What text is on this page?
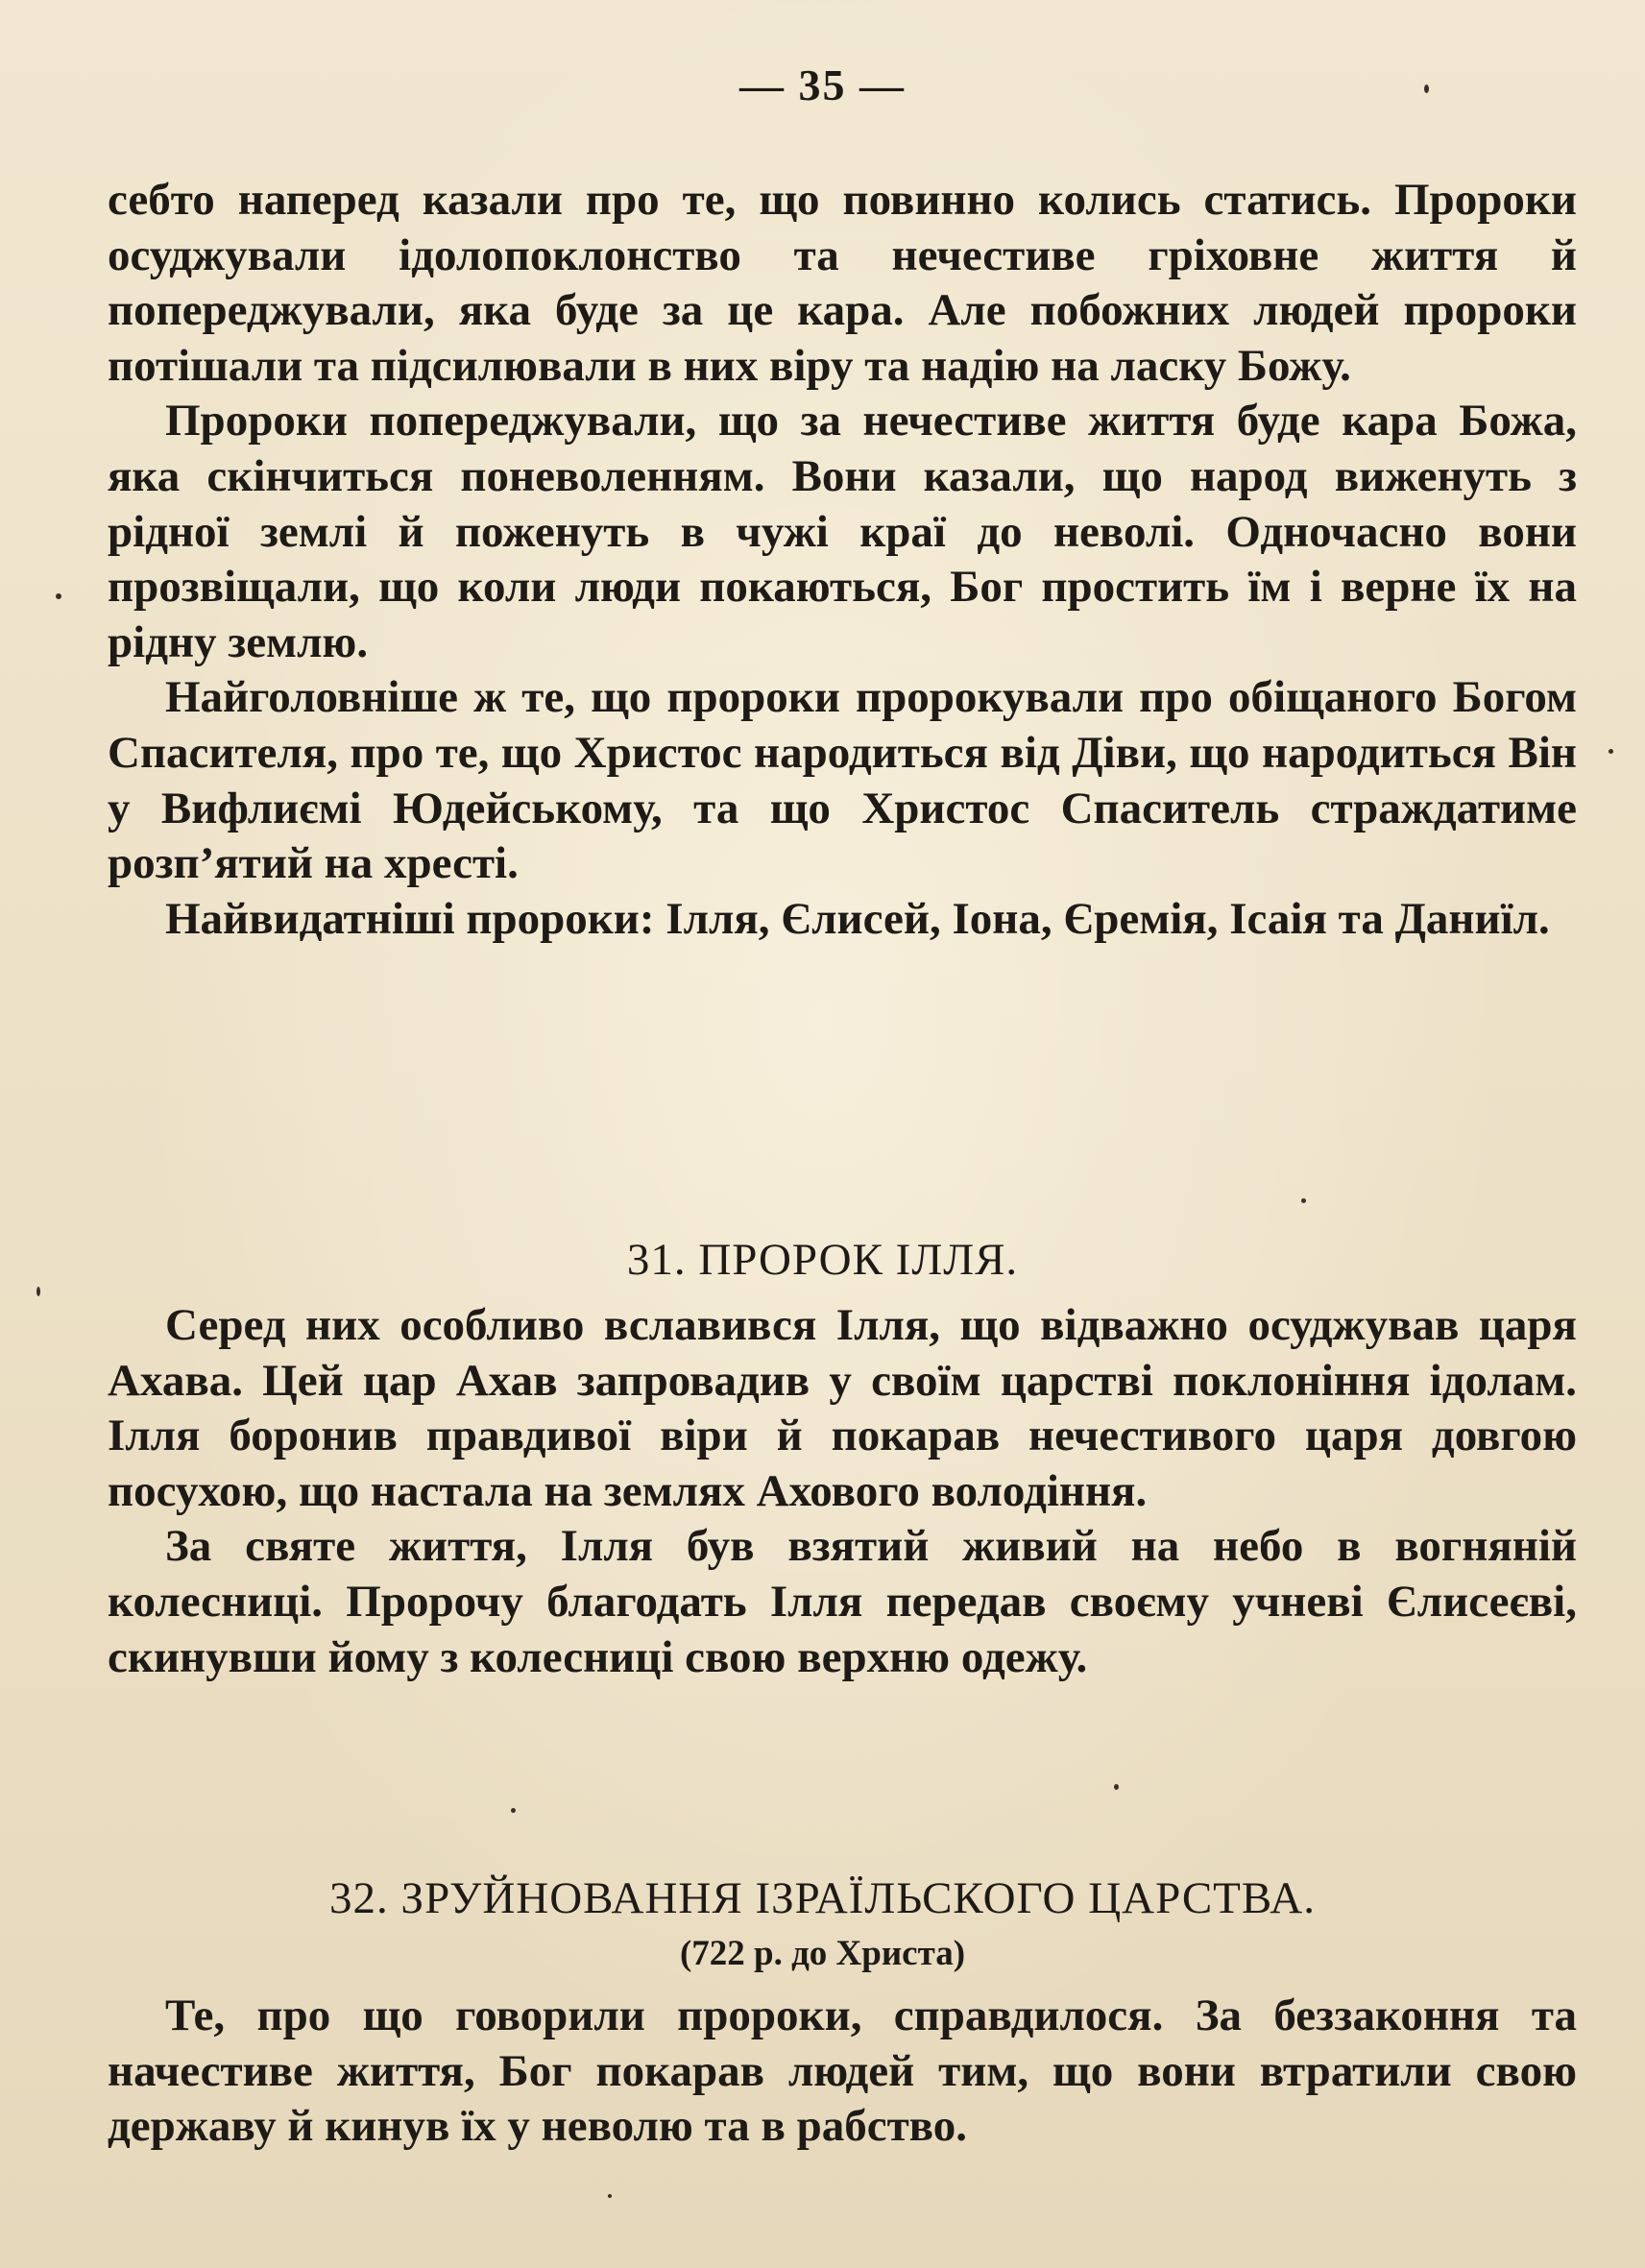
— 35 —

себто наперед казали про те, що повинно колись статись. Пророки осуджували ідолопоклонство та нечестиве гріховне життя й попереджували, яка буде за це кара. Але побожних людей пророки потішали та підсилювали в них віру та надію на ласку Божу.

Пророки попереджували, що за нечестиве життя буде кара Божа, яка скінчиться поневоленням. Вони казали, що народ виженуть з рідної землі й поженуть в чужі краї до неволі. Одночасно вони прозвіщали, що коли люди покаються, Бог простить їм і верне їх на рідну землю.

Найголовніше ж те, що пророки пророкували про обіщаного Богом Спасителя, про те, що Христос народиться від Діви, що народиться Він у Вифлиємі Юдейському, та що Христос Спаситель страждатиме розп’ятий на хресті.

Найвидатніші пророки: Ілля, Єлисей, Іона, Єремія, Ісаія та Даниїл.

31. ПРОРОК ІЛЛЯ.

Серед них особливо вславився Ілля, що відважно осуджував царя Ахава. Цей цар Ахав запровадив у своїм царстві поклоніння ідолам. Ілля боронив правдивої віри й покарав нечестивого царя довгою посухою, що настала на землях Ахового володіння.

За святе життя, Ілля був взятий живий на небо в вогняній колесниці. Пророчу благодать Ілля передав своєму учневі Єлисеєві, скинувши йому з колесниці свою верхню одежу.

32. ЗРУЙНОВАННЯ ІЗРАЇЛЬСКОГО ЦАРСТВА.
(722 р. до Христа)

Те, про що говорили пророки, справдилося. За беззаконня та начестиве життя, Бог покарав людей тим, що вони втратили свою державу й кинув їх у неволю та в рабство.
